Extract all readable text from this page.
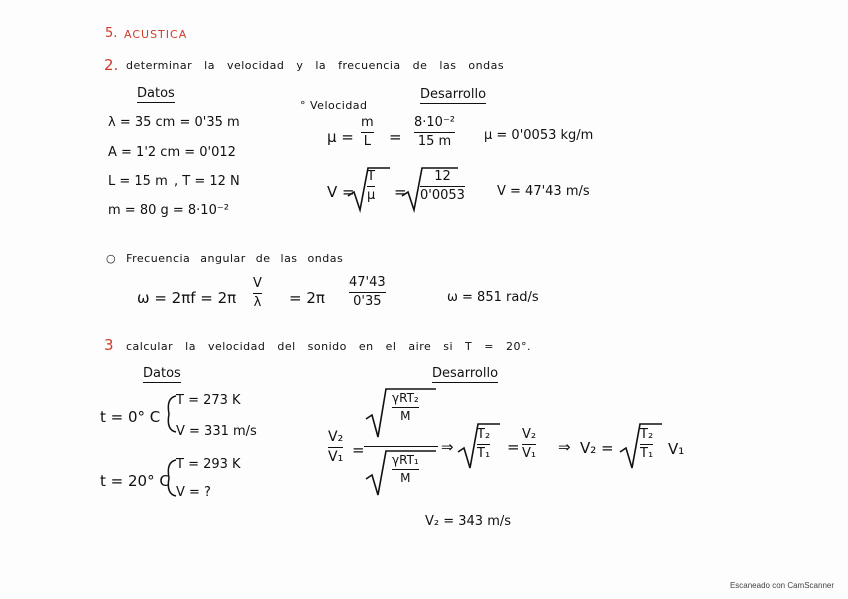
5. ACUSTICA
2. determinar la velocidad y la frecuencia de las ondas
Datos	Desarrollo
° Velocidad
λ = 35 cm = 0'35 m
A = 1'2 cm = 0'012
L = 15 m , T = 12 N
m = 80 g = 8·10⁻²
μ =
m
L =
8·10⁻²
15 m	μ = 0'0053 kg/m
V =
T
μ =
12
0'0053 V = 47'43 m/s
○ Frecuencia angular de las ondas
ω = 2πf = 2π
V
λ = 2π
47'43
0'35	ω = 851 rad/s
3 calcular la velocidad del sonido en el aire si T = 20°.
Datos	Desarrollo
t = 0° C
T = 273 K
V = 331 m/s
t = 20° C
T = 293 K
V = ?
V₂
V₁ =
γRT₂
M
γRT₁
M
⇒
T₂
T₁ =
V₂
V₁ ⇒ V₂ =
T₂
T₁ V₁
V₂ = 343 m/s
Escaneado con CamScanner
